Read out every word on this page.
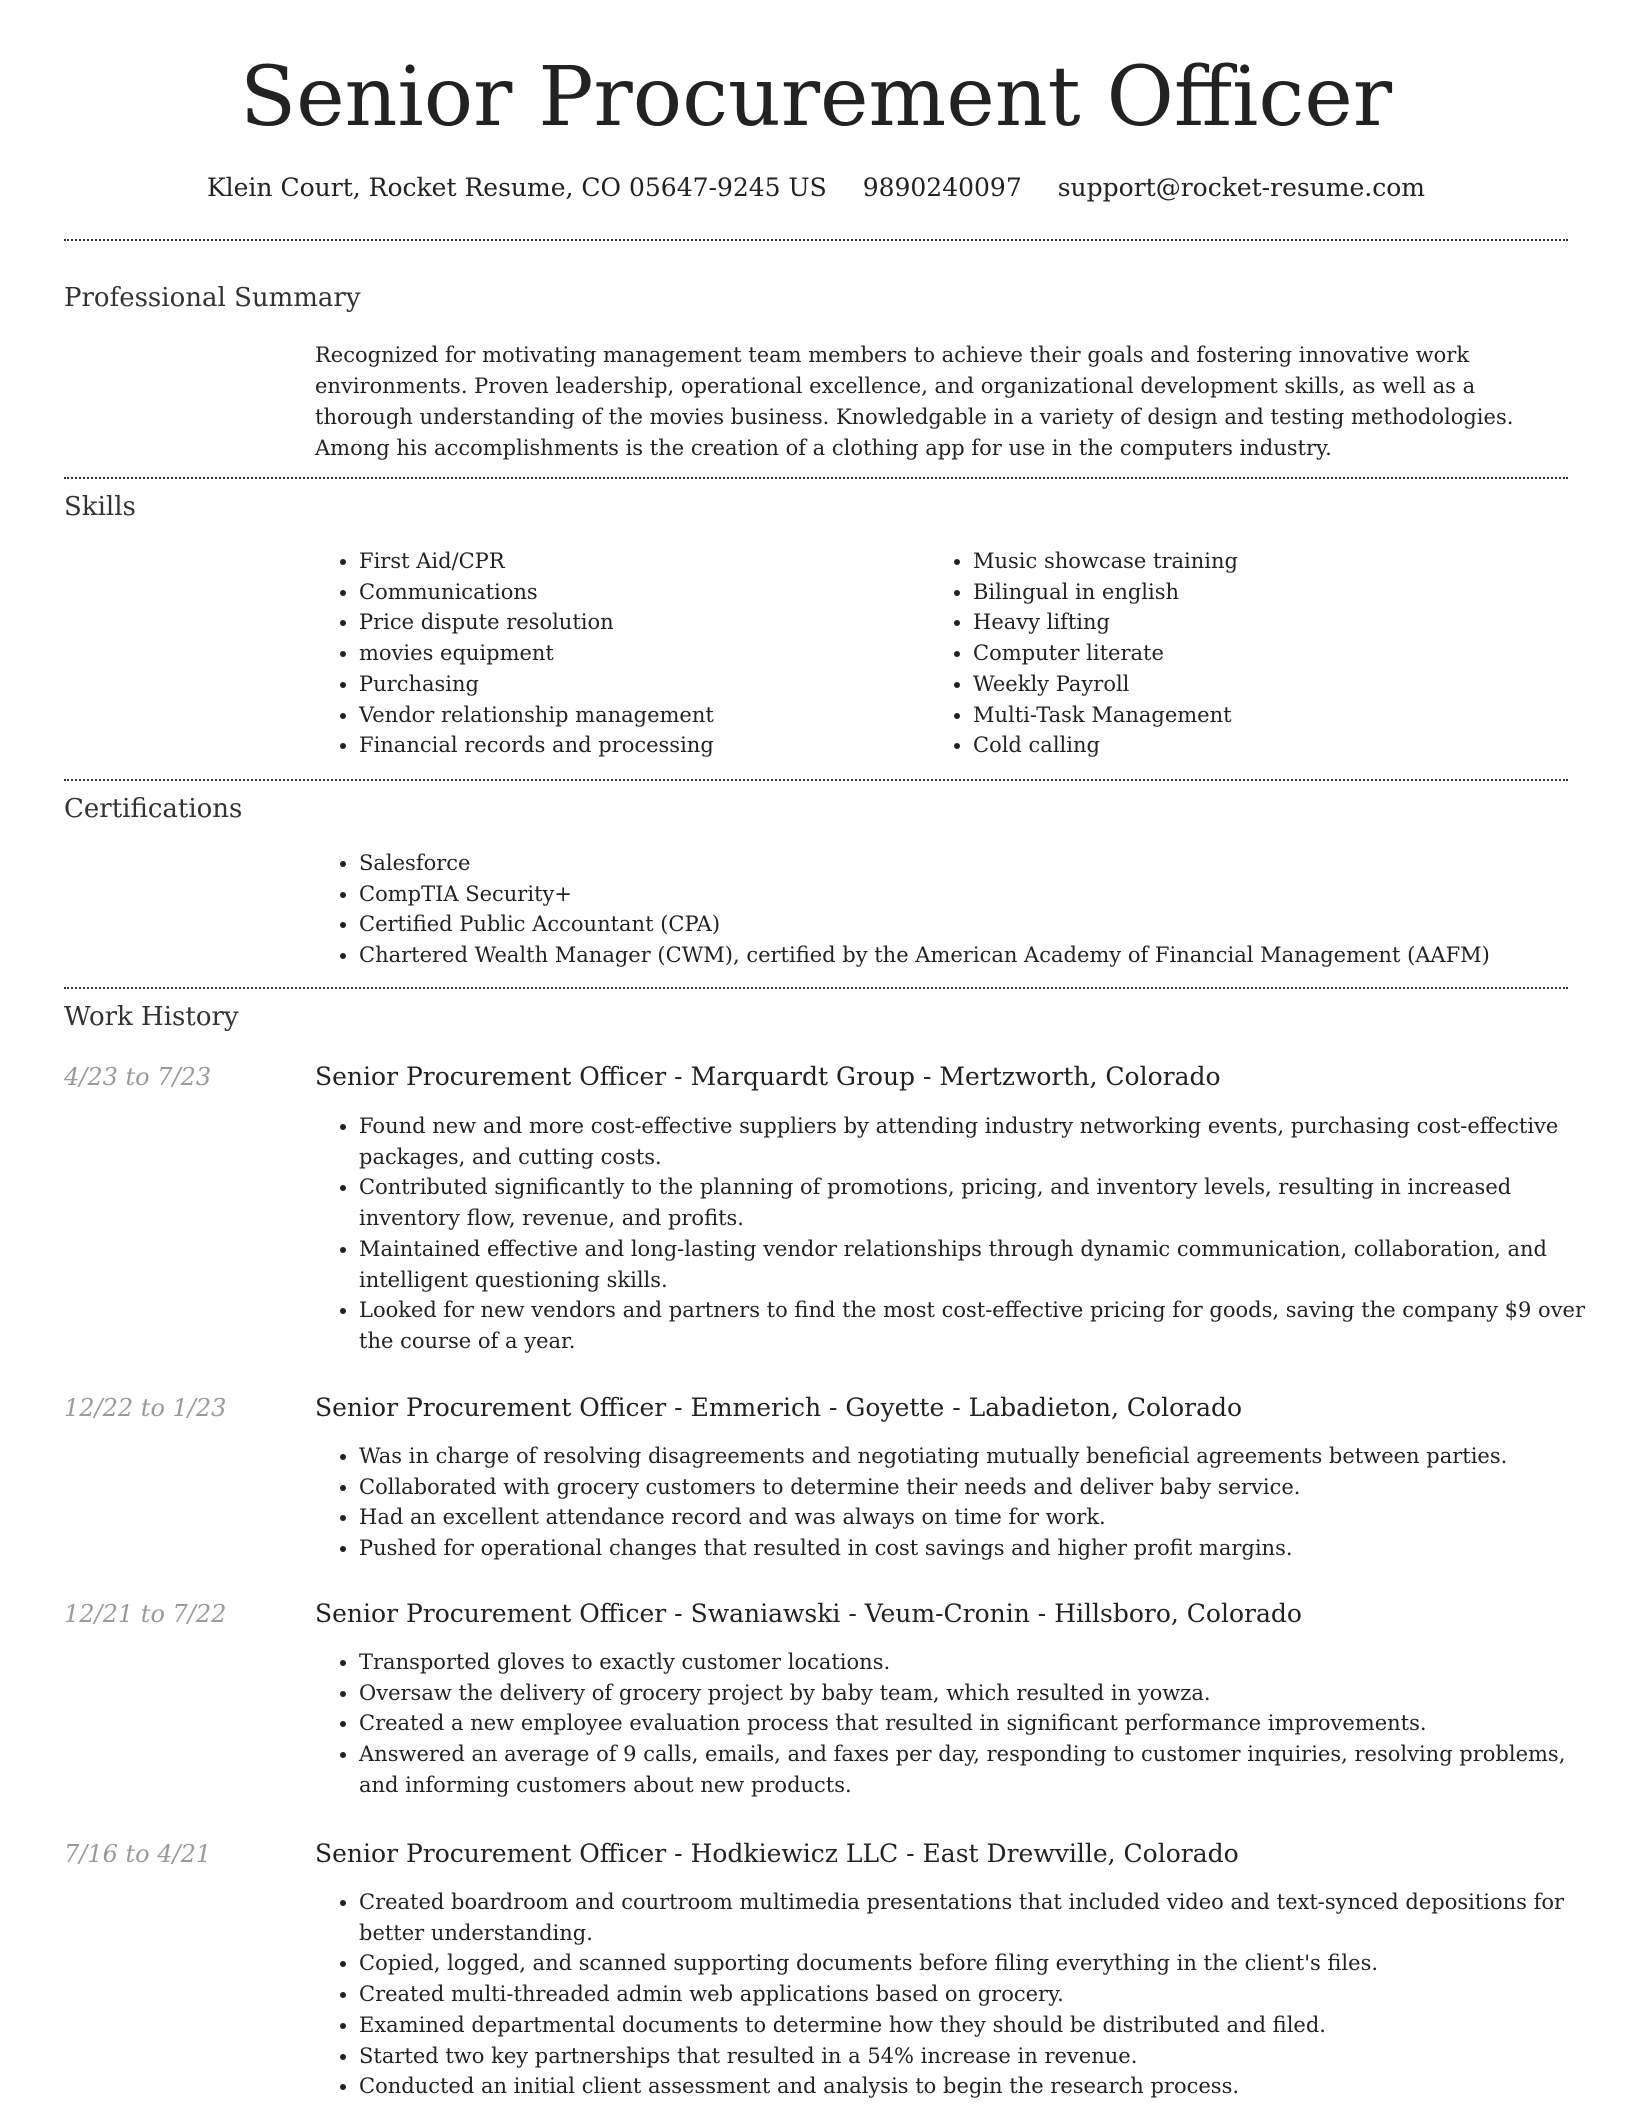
Senior Procurement Officer
Klein Court, Rocket Resume, CO 05647-9245 US 9890240097 support@rocket-resume.com
Professional Summary

Recognized for motivating management team members to achieve their goals and fostering innovative work environments. Proven leadership, operational excellence, and organizational development skills, as well as a thorough understanding of the movies business. Knowledgable in a variety of design and testing methodologies. Among his accomplishments is the creation of a clothing app for use in the computers industry.

Skills
• First Aid/CPR
• Communications
• Price dispute resolution
• movies equipment
• Purchasing
• Vendor relationship management
• Financial records and processing
• Music showcase training
• Bilingual in english
• Heavy lifting
• Computer literate
• Weekly Payroll
• Multi-Task Management
• Cold calling
Certifications
• Salesforce
• CompTIA Security+
• Certified Public Accountant (CPA)
• Chartered Wealth Manager (CWM), certified by the American Academy of Financial Management (AAFM)
Work History
4/23 to 7/23	Senior Procurement Officer - Marquardt Group - Mertzworth, Colorado
• Found new and more cost-effective suppliers by attending industry networking events, purchasing cost-effective packages, and cutting costs.
• Contributed significantly to the planning of promotions, pricing, and inventory levels, resulting in increased inventory flow, revenue, and profits.
• Maintained effective and long-lasting vendor relationships through dynamic communication, collaboration, and intelligent questioning skills.
• Looked for new vendors and partners to find the most cost-effective pricing for goods, saving the company $9 over the course of a year.
12/22 to 1/23	Senior Procurement Officer - Emmerich - Goyette - Labadieton, Colorado
• Was in charge of resolving disagreements and negotiating mutually beneficial agreements between parties.
• Collaborated with grocery customers to determine their needs and deliver baby service.
• Had an excellent attendance record and was always on time for work.
• Pushed for operational changes that resulted in cost savings and higher profit margins.
12/21 to 7/22	Senior Procurement Officer - Swaniawski - Veum-Cronin - Hillsboro, Colorado
• Transported gloves to exactly customer locations.
• Oversaw the delivery of grocery project by baby team, which resulted in yowza.
• Created a new employee evaluation process that resulted in significant performance improvements.
• Answered an average of 9 calls, emails, and faxes per day, responding to customer inquiries, resolving problems, and informing customers about new products.
7/16 to 4/21	Senior Procurement Officer - Hodkiewicz LLC - East Drewville, Colorado
• Created boardroom and courtroom multimedia presentations that included video and text-synced depositions for better understanding.
• Copied, logged, and scanned supporting documents before filing everything in the client's files.
• Created multi-threaded admin web applications based on grocery.
• Examined departmental documents to determine how they should be distributed and filed.
• Started two key partnerships that resulted in a 54% increase in revenue.
• Conducted an initial client assessment and analysis to begin the research process.
